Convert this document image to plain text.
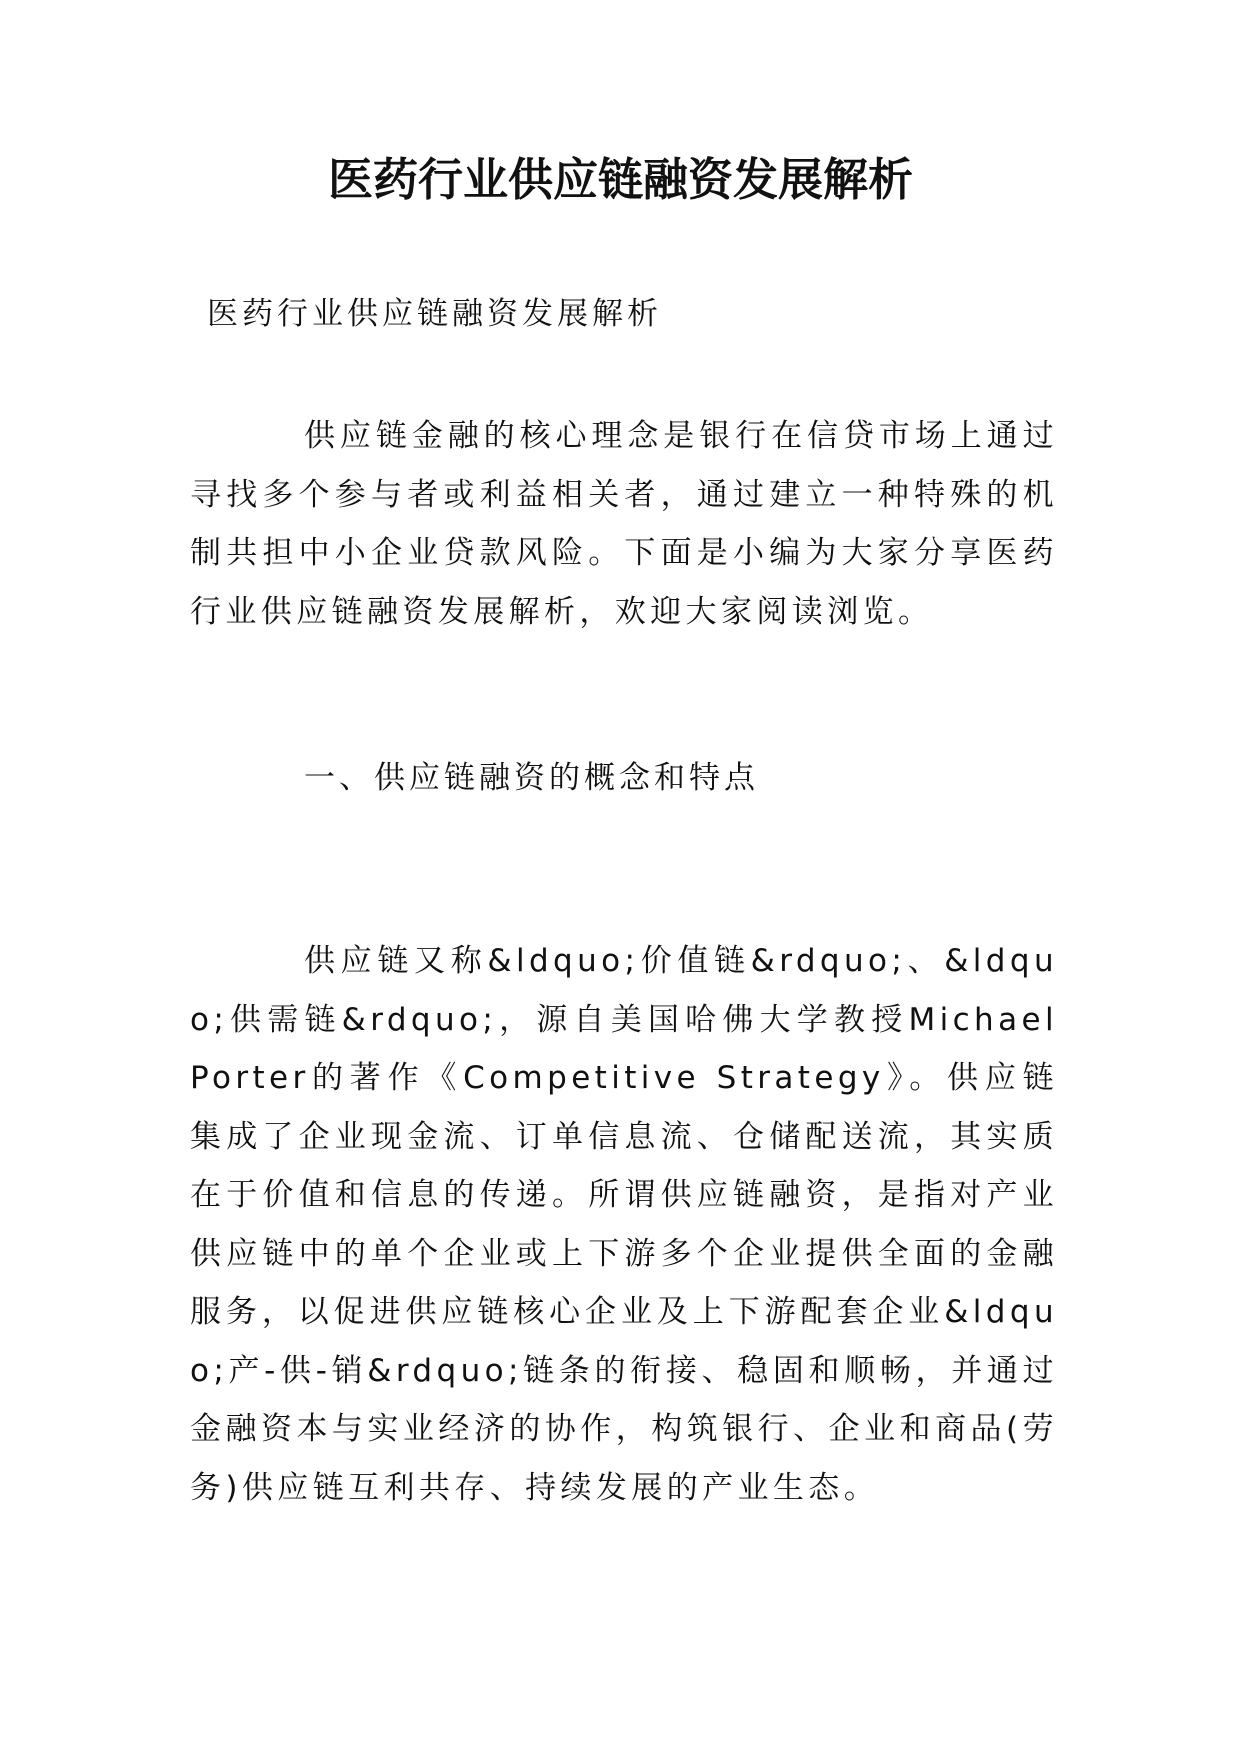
医药行业供应链融资发展解析

医药行业供应链融资发展解析

供应链金融的核心理念是银行在信贷市场上通过寻找多个参与者或利益相关者，通过建立一种特殊的机制共担中小企业贷款风险。下面是小编为大家分享医药行业供应链融资发展解析，欢迎大家阅读浏览。

一、供应链融资的概念和特点

供应链又称&ldquo;价值链&rdquo;、&ldquo;供需链&rdquo;，源自美国哈佛大学教授Michael Porter的著作《Competitive Strategy》。供应链集成了企业现金流、订单信息流、仓储配送流，其实质在于价值和信息的传递。所谓供应链融资，是指对产业供应链中的单个企业或上下游多个企业提供全面的金融服务，以促进供应链核心企业及上下游配套企业&ldquo;产-供-销&rdquo;链条的衔接、稳固和顺畅，并通过金融资本与实业经济的协作，构筑银行、企业和商品(劳务)供应链互利共存、持续发展的产业生态。
